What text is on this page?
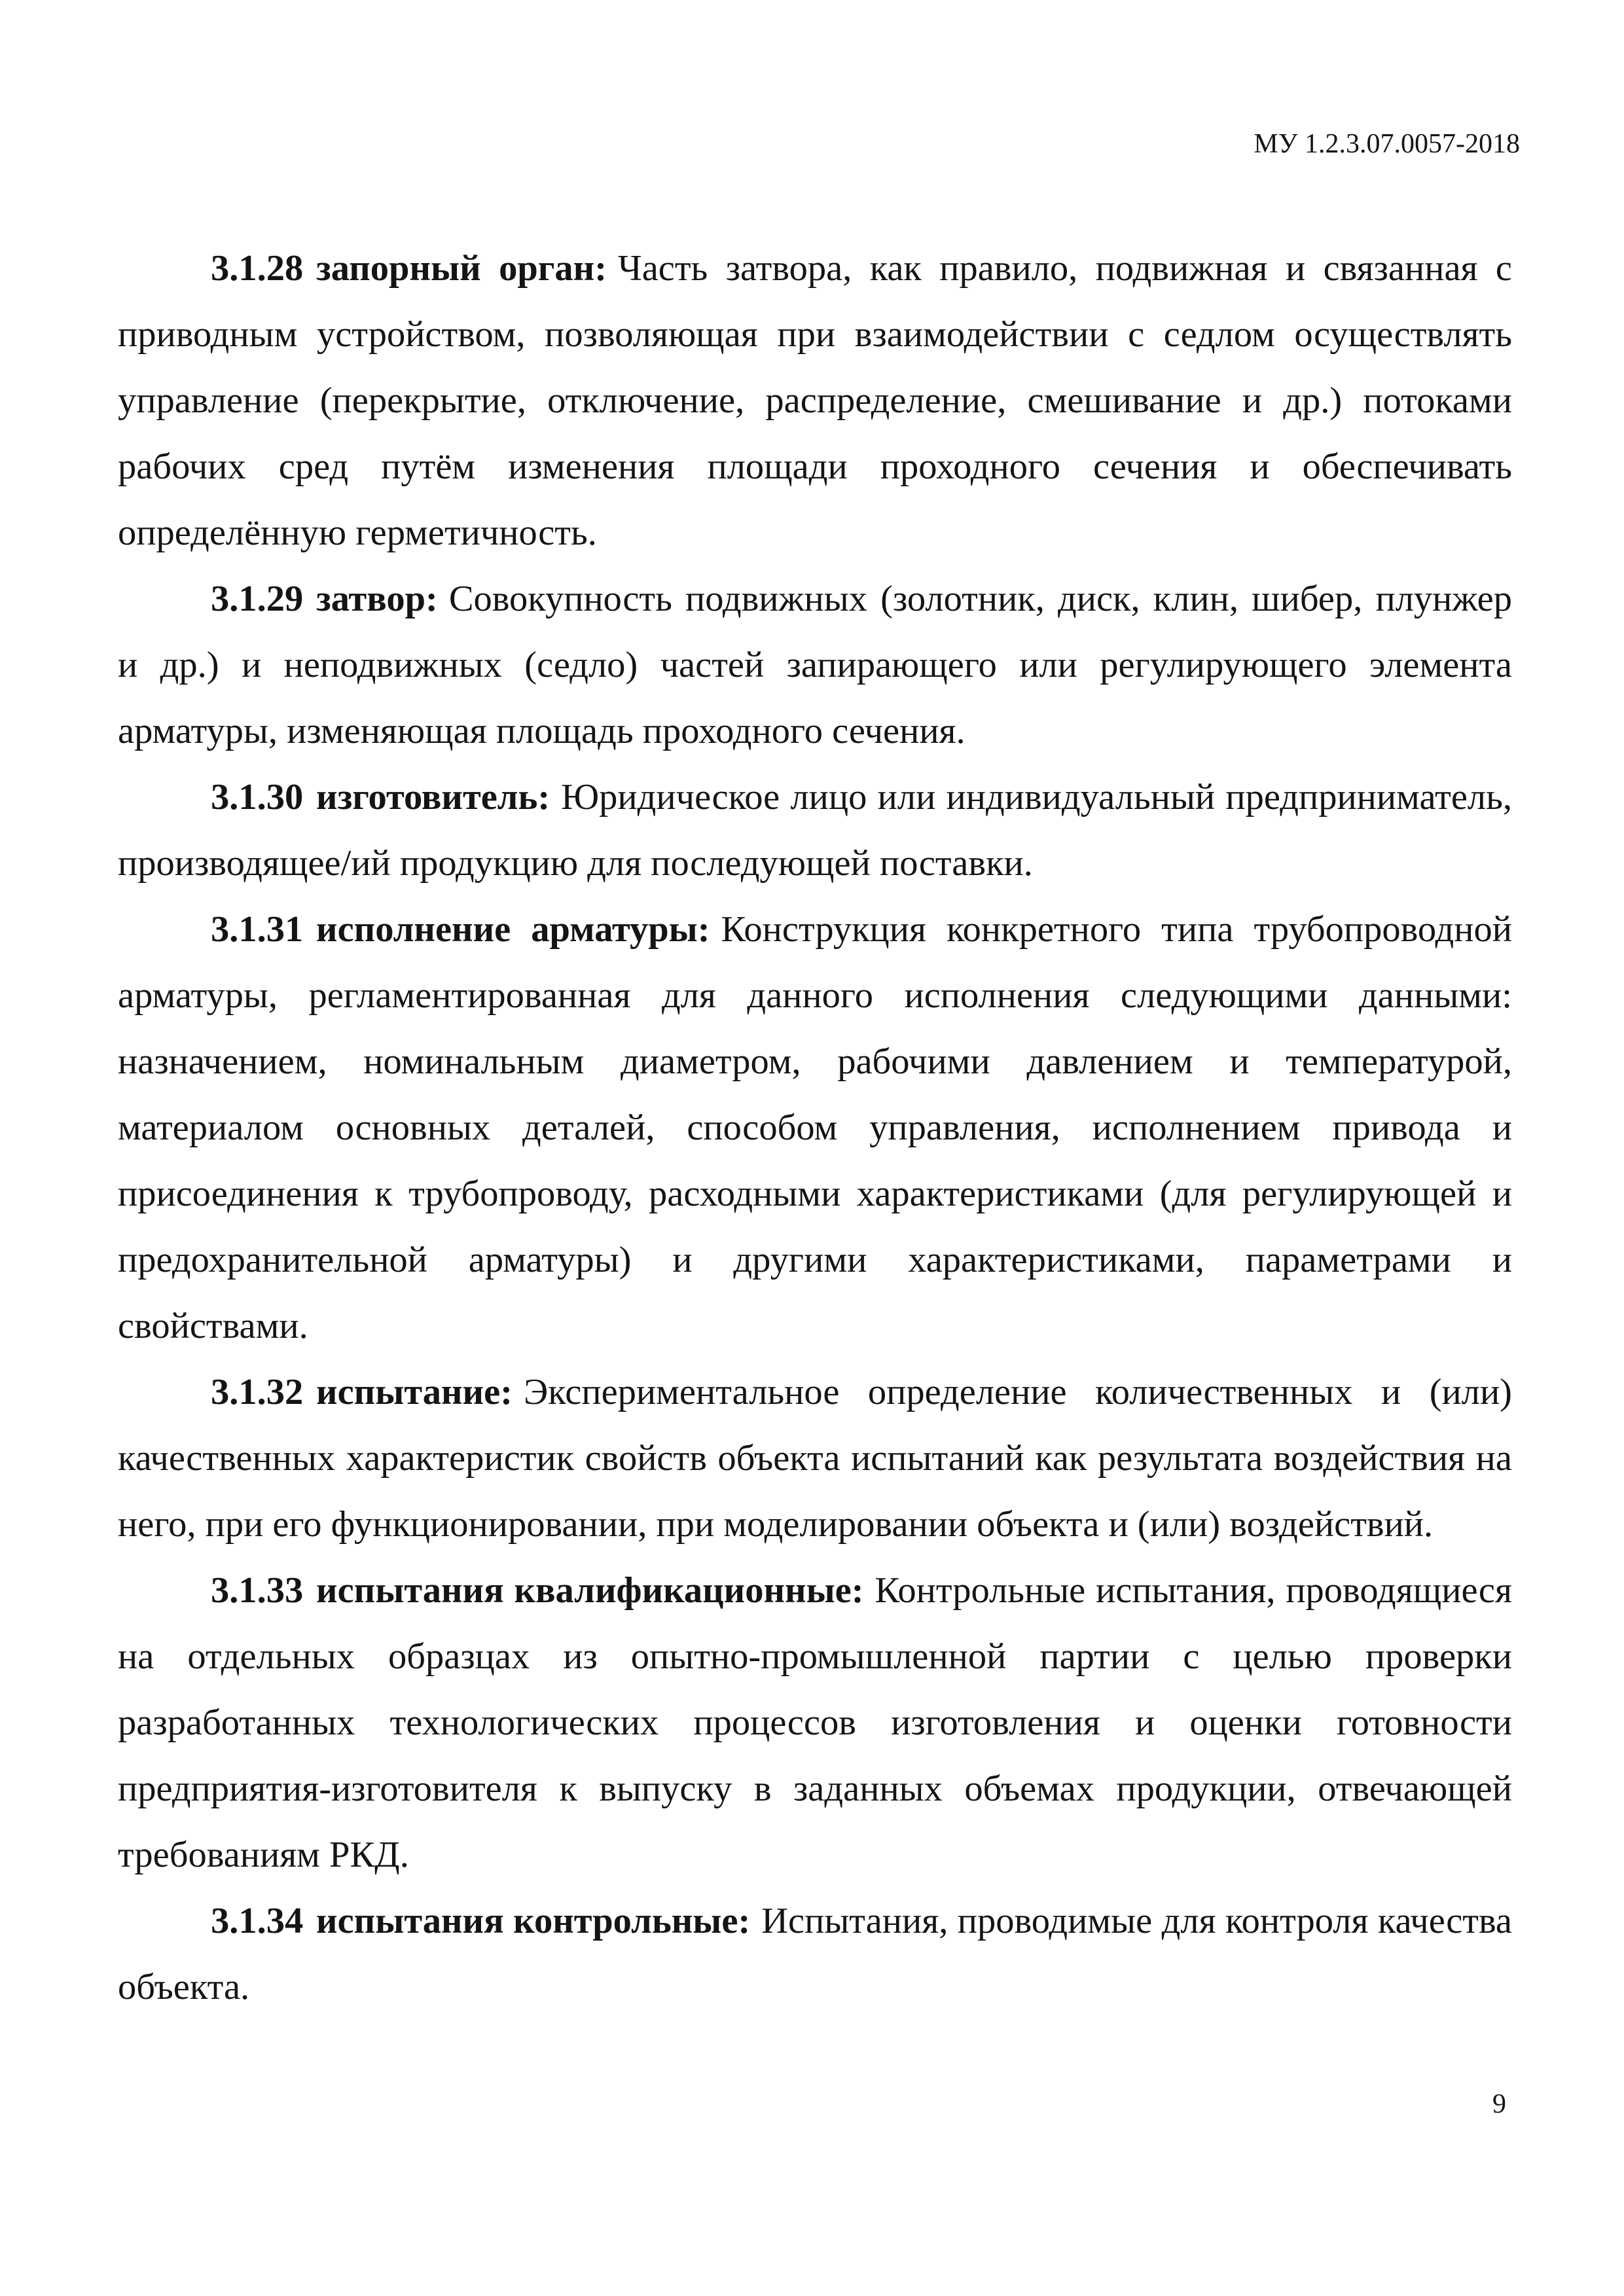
МУ 1.2.3.07.0057-2018

3.1.28 запорный орган: Часть затвора, как правило, подвижная и связанная с приводным устройством, позволяющая при взаимодействии с седлом осуществлять управление (перекрытие, отключение, распределение, смешивание и др.) потоками рабочих сред путём изменения площади проходного сечения и обеспечивать определённую герметичность.

3.1.29 затвор: Совокупность подвижных (золотник, диск, клин, шибер, плунжер и др.) и неподвижных (седло) частей запирающего или регулирующего элемента арматуры, изменяющая площадь проходного сечения.

3.1.30 изготовитель: Юридическое лицо или индивидуальный предприниматель, производящее/ий продукцию для последующей поставки.

3.1.31 исполнение арматуры: Конструкция конкретного типа трубопроводной арматуры, регламентированная для данного исполнения следующими данными: назначением, номинальным диаметром, рабочими давлением и температурой, материалом основных деталей, способом управления, исполнением привода и присоединения к трубопроводу, расходными характеристиками (для регулирующей и предохранительной арматуры) и другими характеристиками, параметрами и свойствами.

3.1.32 испытание: Экспериментальное определение количественных и (или) качественных характеристик свойств объекта испытаний как результата воздействия на него, при его функционировании, при моделировании объекта и (или) воздействий.

3.1.33 испытания квалификационные: Контрольные испытания, проводящиеся на отдельных образцах из опытно-промышленной партии с целью проверки разработанных технологических процессов изготовления и оценки готовности предприятия-изготовителя к выпуску в заданных объемах продукции, отвечающей требованиям РКД.

3.1.34 испытания контрольные: Испытания, проводимые для контроля качества объекта.

9
